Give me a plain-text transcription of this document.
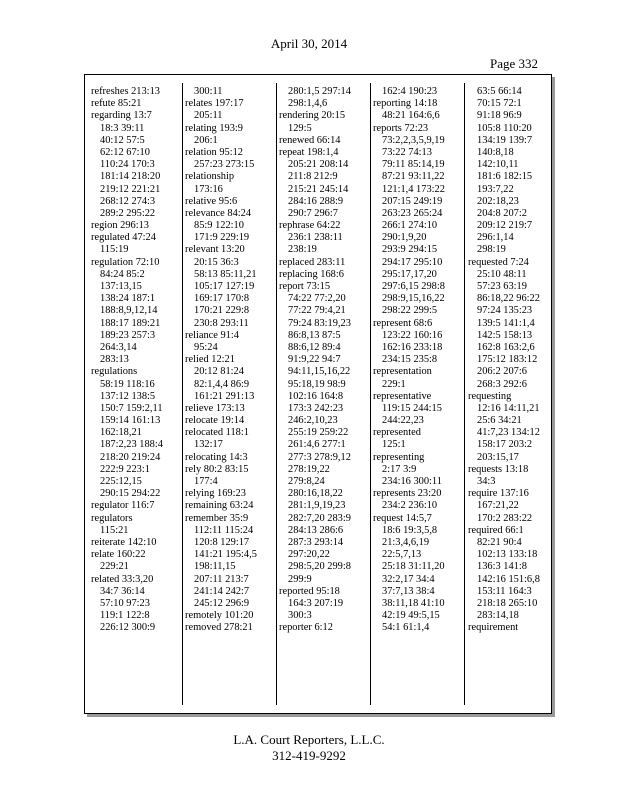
April 30, 2014
Page 332
refreshes 213:13
refute 85:21
regarding 13:7
18:3 39:11
40:12 57:5
62:12 67:10
110:24 170:3
181:14 218:20
219:12 221:21
268:12 274:3
289:2 295:22
region 296:13
regulated 47:24
115:19
regulation 72:10
84:24 85:2
137:13,15
138:24 187:1
188:8,9,12,14
188:17 189:21
189:23 257:3
264:3,14
283:13
regulations
58:19 118:16
137:12 138:5
150:7 159:2,11
159:14 161:13
162:18,21
187:2,23 188:4
218:20 219:24
222:9 223:1
225:12,15
290:15 294:22
regulator 116:7
regulators
115:21
reiterate 142:10
relate 160:22
229:21
related 33:3,20
34:7 36:14
57:10 97:23
119:1 122:8
226:12 300:9
300:11
relates 197:17
205:11
relating 193:9
206:1
relation 95:12
257:23 273:15
relationship
173:16
relative 95:6
relevance 84:24
85:9 122:10
171:9 229:19
relevant 13:20
20:15 36:3
58:13 85:11,21
105:17 127:19
169:17 170:8
170:21 229:8
230:8 293:11
reliance 91:4
95:24
relied 12:21
20:12 81:24
82:1,4,4 86:9
161:21 291:13
relieve 173:13
relocate 19:14
relocated 118:1
132:17
relocating 14:3
rely 80:2 83:15
177:4
relying 169:23
remaining 63:24
remember 35:9
112:11 115:24
120:8 129:17
141:21 195:4,5
198:11,15
207:11 213:7
241:14 242:7
245:12 296:9
remotely 101:20
removed 278:21
280:1,5 297:14
298:1,4,6
rendering 20:15
129:5
renewed 66:14
repeat 198:1,4
205:21 208:14
211:8 212:9
215:21 245:14
284:16 288:9
290:7 296:7
rephrase 64:22
236:1 238:11
238:19
replaced 283:11
replacing 168:6
report 73:15
74:22 77:2,20
77:22 79:4,21
79:24 83:19,23
86:8,13 87:5
88:6,12 89:4
91:9,22 94:7
94:11,15,16,22
95:18,19 98:9
102:16 164:8
173:3 242:23
246:2,10,23
255:19 259:22
261:4,6 277:1
277:3 278:9,12
278:19,22
279:8,24
280:16,18,22
281:1,9,19,23
282:7,20 283:9
284:13 286:6
287:3 293:14
297:20,22
298:5,20 299:8
299:9
reported 95:18
164:3 207:19
300:3
reporter 6:12
162:4 190:23
reporting 14:18
48:21 164:6,6
reports 72:23
73:2,2,3,5,9,19
73:22 74:13
79:11 85:14,19
87:21 93:11,22
121:1,4 173:22
207:15 249:19
263:23 265:24
266:1 274:10
290:1,9,20
293:9 294:15
294:17 295:10
295:17,17,20
297:6,15 298:8
298:9,15,16,22
298:22 299:5
represent 68:6
123:22 160:16
162:16 233:18
234:15 235:8
representation
229:1
representative
119:15 244:15
244:22,23
represented
125:1
representing
2:17 3:9
234:16 300:11
represents 23:20
234:2 236:10
request 14:5,7
18:6 19:3,5,8
21:3,4,6,19
22:5,7,13
25:18 31:11,20
32:2,17 34:4
37:7,13 38:4
38:11,18 41:10
42:19 49:5,15
54:1 61:1,4
63:5 66:14
70:15 72:1
91:18 96:9
105:8 110:20
134:19 139:7
140:8,18
142:10,11
181:6 182:15
193:7,22
202:18,23
204:8 207:2
209:12 219:7
296:1,14
298:19
requested 7:24
25:10 48:11
57:23 63:19
86:18,22 96:22
97:24 135:23
139:5 141:1,4
142:5 158:13
162:8 163:2,6
175:12 183:12
206:2 207:6
268:3 292:6
requesting
12:16 14:11,21
25:6 34:21
41:7,23 134:12
158:17 203:2
203:15,17
requests 13:18
34:3
require 137:16
167:21,22
170:2 283:22
required 66:1
82:21 90:4
102:13 133:18
136:3 141:8
142:16 151:6,8
153:11 164:3
218:18 265:10
283:14,18
requirement
L.A. Court Reporters, L.L.C.
312-419-9292
